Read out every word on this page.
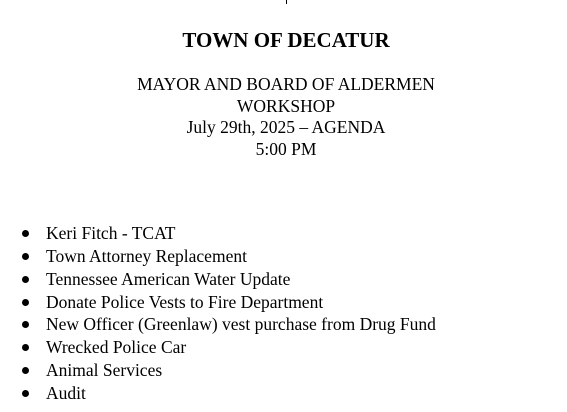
TOWN OF DECATUR
MAYOR AND BOARD OF ALDERMEN
WORKSHOP
July 29th, 2025 – AGENDA
5:00 PM
Keri Fitch - TCAT
Town Attorney Replacement
Tennessee American Water Update
Donate Police Vests to Fire Department
New Officer (Greenlaw) vest purchase from Drug Fund
Wrecked Police Car
Animal Services
Audit
